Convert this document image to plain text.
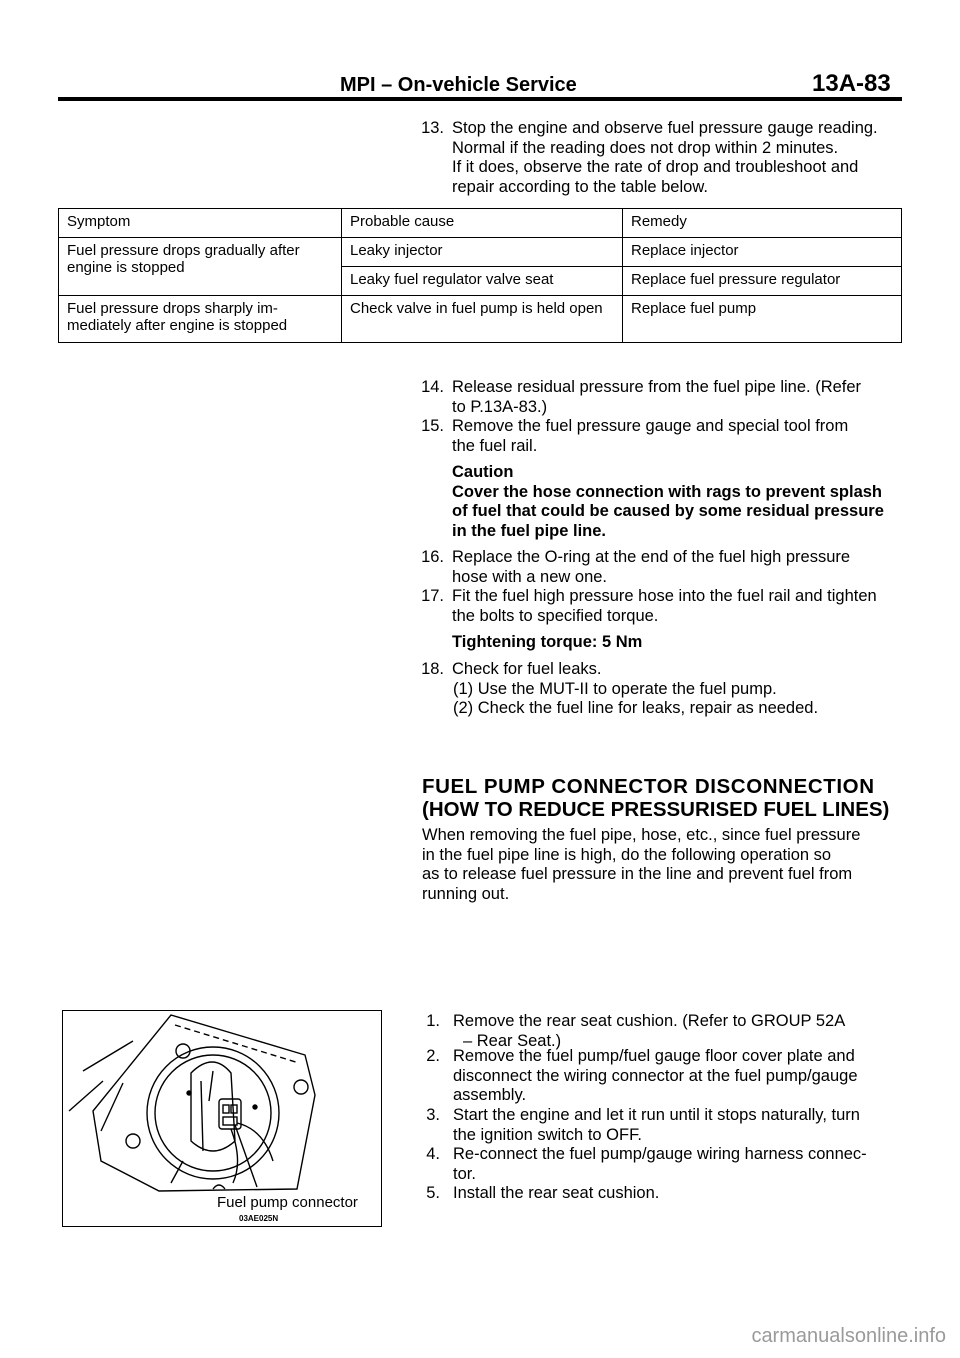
MPI – On-vehicle Service	13A-83
13. Stop the engine and observe fuel pressure gauge reading.
Normal if the reading does not drop within 2 minutes.
If it does, observe the rate of drop and troubleshoot and
repair according to the table below.
Symptom	Probable cause	Remedy
Fuel pressure drops gradually after engine is stopped	Leaky injector	Replace injector
	Leaky fuel regulator valve seat	Replace fuel pressure regulator
Fuel pressure drops sharply im- mediately after engine is stopped	Check valve in fuel pump is held open	Replace fuel pump
14. Release residual pressure from the fuel pipe line. (Refer
to P.13A-83.)
15. Remove the fuel pressure gauge and special tool from
the fuel rail.
Caution
Cover the hose connection with rags to prevent splash
of fuel that could be caused by some residual pressure
in the fuel pipe line.
16. Replace the O-ring at the end of the fuel high pressure
hose with a new one.
17. Fit the fuel high pressure hose into the fuel rail and tighten
the bolts to specified torque.
Tightening torque: 5 Nm
18. Check for fuel leaks.
(1) Use the MUT-II to operate the fuel pump.
(2) Check the fuel line for leaks, repair as needed.
FUEL PUMP CONNECTOR DISCONNECTION
(HOW TO REDUCE PRESSURISED FUEL LINES)
When removing the fuel pipe, hose, etc., since fuel pressure
in the fuel pipe line is high, do the following operation so
as to release fuel pressure in the line and prevent fuel from
running out.
1. Remove the rear seat cushion. (Refer to GROUP 52A
– Rear Seat.)
2. Remove the fuel pump/fuel gauge floor cover plate and
disconnect the wiring connector at the fuel pump/gauge
assembly.
3. Start the engine and let it run until it stops naturally, turn
the ignition switch to OFF.
4. Re-connect the fuel pump/gauge wiring harness connec-
tor.
5. Install the rear seat cushion.
Fuel pump connector
03AE025N
carmanualsonline.info
